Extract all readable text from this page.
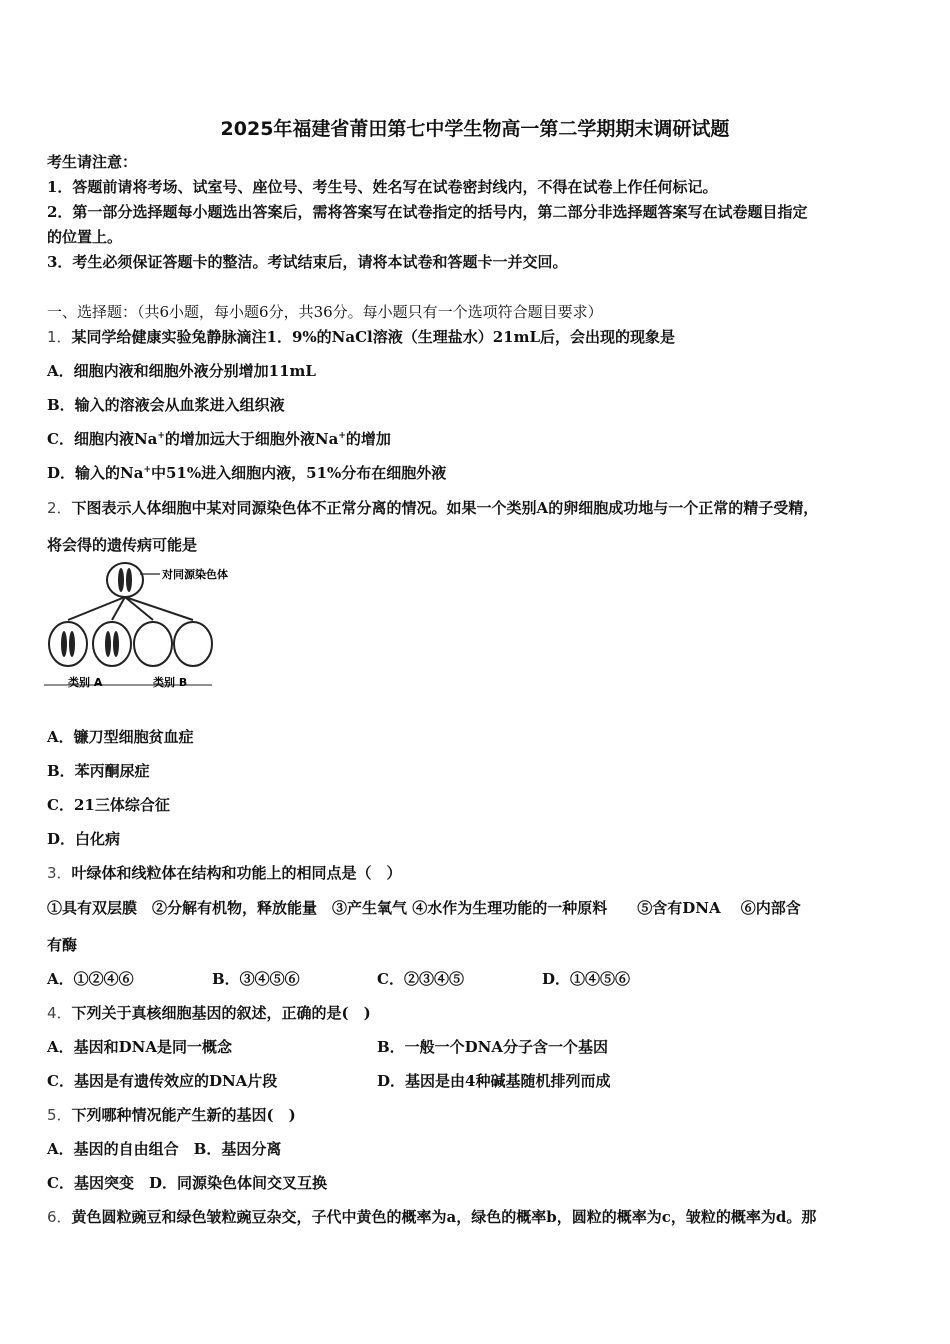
2025年福建省莆田第七中学生物高一第二学期期末调研试题
考生请注意：
1．答题前请将考场、试室号、座位号、考生号、姓名写在试卷密封线内，不得在试卷上作任何标记。
2．第一部分选择题每小题选出答案后，需将答案写在试卷指定的括号内，第二部分非选择题答案写在试卷题目指定
的位置上。
3．考生必须保证答题卡的整洁。考试结束后，请将本试卷和答题卡一并交回。
一、选择题：（共6小题，每小题6分，共36分。每小题只有一个选项符合题目要求）
1．某同学给健康实验兔静脉滴注1．9%的NaCl溶液（生理盐水）21mL后，会出现的现象是
A．细胞内液和细胞外液分别增加11mL
B．输入的溶液会从血浆进入组织液
C．细胞内液Na+的增加远大于细胞外液Na+的增加
D．输入的Na+中51%进入细胞内液，51%分布在细胞外液
2．下图表示人体细胞中某对同源染色体不正常分离的情况。如果一个类别A的卵细胞成功地与一个正常的精子受精，
将会得的遗传病可能是
对同源染色体
类别 A	类别 B
A．镰刀型细胞贫血症
B．苯丙酮尿症
C．21三体综合征
D．白化病
3．叶绿体和线粒体在结构和功能上的相同点是（　）
①具有双层膜　②分解有机物，释放能量　③产生氧气 ④水作为生理功能的一种原料　　⑤含有DNA　 ⑥内部含
有酶
A．①②④⑥	B．③④⑤⑥	C．②③④⑤	D．①④⑤⑥
4．下列关于真核细胞基因的叙述，正确的是(　)
A．基因和DNA是同一概念	B．一般一个DNA分子含一个基因
C．基因是有遗传效应的DNA片段	D．基因是由4种碱基随机排列而成
5．下列哪种情况能产生新的基因(　)
A．基因的自由组合　B．基因分离
C．基因突变　D．同源染色体间交叉互换
6．黄色圆粒豌豆和绿色皱粒豌豆杂交，子代中黄色的概率为a，绿色的概率b，圆粒的概率为c，皱粒的概率为d。那
